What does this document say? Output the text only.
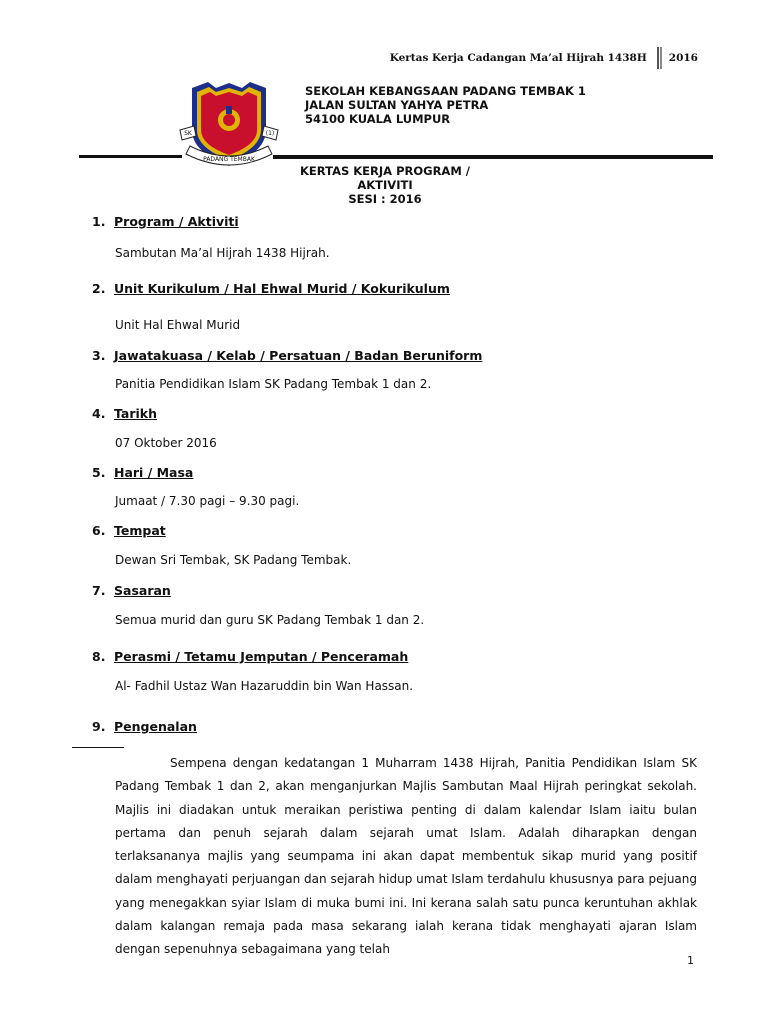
Kertas Kerja Cadangan Ma’al Hijrah 1438H 2016
SK	(1)
PADANG TEMBAK
SEKOLAH KEBANGSAAN PADANG TEMBAK 1
JALAN SULTAN YAHYA PETRA
54100 KUALA LUMPUR
KERTAS KERJA PROGRAM / AKTIVITI
SESI : 2016
1. Program / Aktiviti
Sambutan Ma’al Hijrah 1438 Hijrah.
2. Unit Kurikulum / Hal Ehwal Murid / Kokurikulum
Unit Hal Ehwal Murid
3. Jawatakuasa / Kelab / Persatuan / Badan Beruniform
Panitia Pendidikan Islam SK Padang Tembak 1 dan 2.
4. Tarikh
07 Oktober 2016
5. Hari / Masa
Jumaat / 7.30 pagi – 9.30 pagi.
6. Tempat
Dewan Sri Tembak, SK Padang Tembak.
7. Sasaran
Semua murid dan guru SK Padang Tembak 1 dan 2.
8. Perasmi / Tetamu Jemputan / Penceramah
Al- Fadhil Ustaz Wan Hazaruddin bin Wan Hassan.
9. Pengenalan
Sempena dengan kedatangan 1 Muharram 1438 Hijrah, Panitia Pendidikan Islam SK Padang Tembak 1 dan 2, akan menganjurkan Majlis Sambutan Maal Hijrah peringkat sekolah. Majlis ini diadakan untuk meraikan peristiwa penting di dalam kalendar Islam iaitu bulan pertama dan penuh sejarah dalam sejarah umat Islam. Adalah diharapkan dengan terlaksananya majlis yang seumpama ini akan dapat membentuk sikap murid yang positif dalam menghayati perjuangan dan sejarah hidup umat Islam terdahulu khususnya para pejuang yang menegakkan syiar Islam di muka bumi ini. Ini kerana salah satu punca keruntuhan akhlak dalam kalangan remaja pada masa sekarang ialah kerana tidak menghayati ajaran Islam dengan sepenuhnya sebagaimana yang telah
1
